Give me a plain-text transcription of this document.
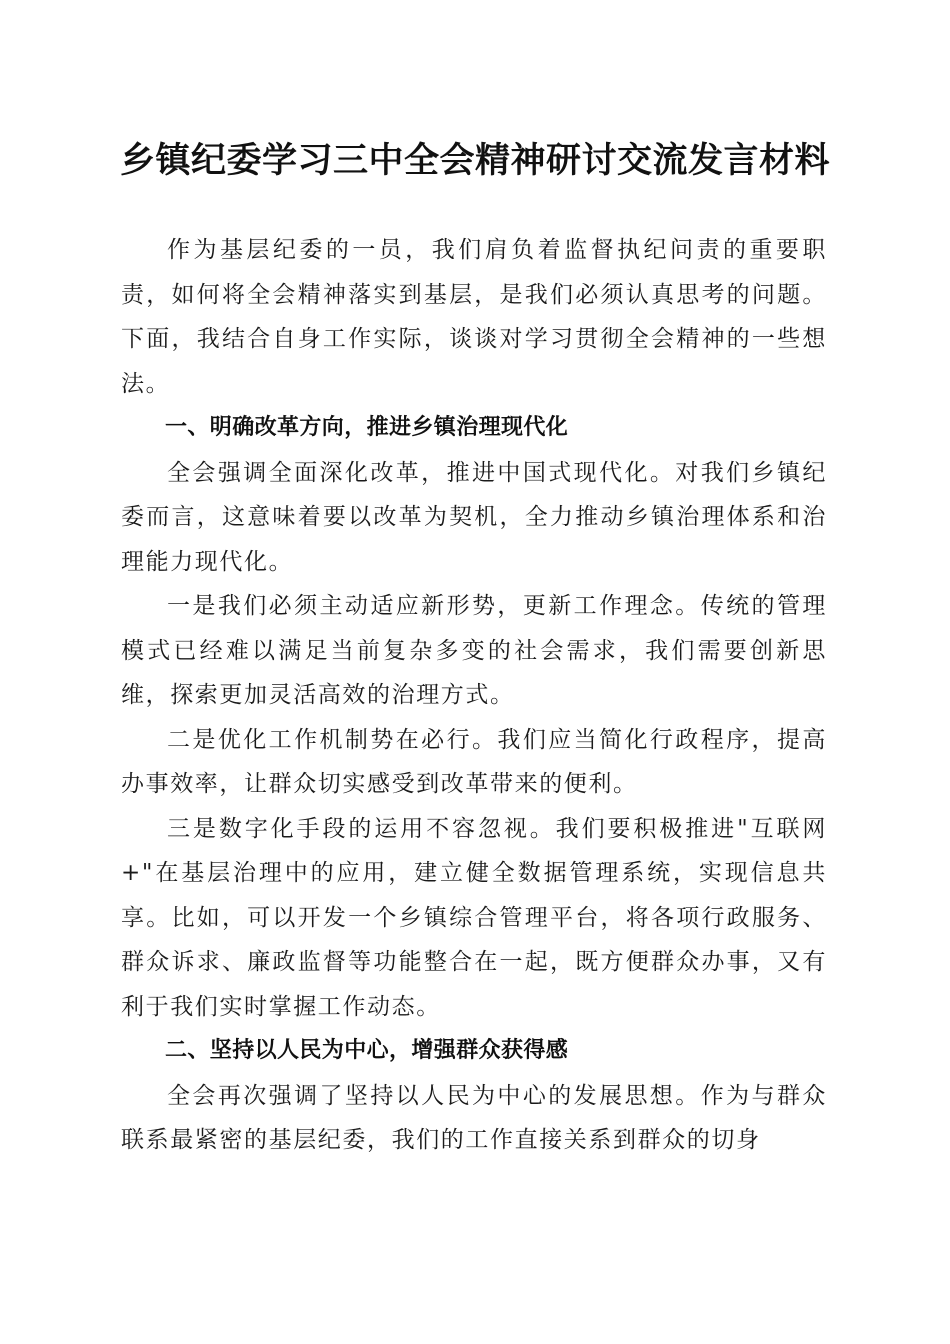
乡镇纪委学习三中全会精神研讨交流发言材料

作为基层纪委的一员，我们肩负着监督执纪问责的重要职责，如何将全会精神落实到基层，是我们必须认真思考的问题。下面，我结合自身工作实际，谈谈对学习贯彻全会精神的一些想法。

一、明确改革方向，推进乡镇治理现代化

全会强调全面深化改革，推进中国式现代化。对我们乡镇纪委而言，这意味着要以改革为契机，全力推动乡镇治理体系和治理能力现代化。

一是我们必须主动适应新形势，更新工作理念。传统的管理模式已经难以满足当前复杂多变的社会需求，我们需要创新思维，探索更加灵活高效的治理方式。

二是优化工作机制势在必行。我们应当简化行政程序，提高办事效率，让群众切实感受到改革带来的便利。

三是数字化手段的运用不容忽视。我们要积极推进"互联网+"在基层治理中的应用，建立健全数据管理系统，实现信息共享。比如，可以开发一个乡镇综合管理平台，将各项行政服务、群众诉求、廉政监督等功能整合在一起，既方便群众办事，又有利于我们实时掌握工作动态。

二、坚持以人民为中心，增强群众获得感

全会再次强调了坚持以人民为中心的发展思想。作为与群众联系最紧密的基层纪委，我们的工作直接关系到群众的切身
